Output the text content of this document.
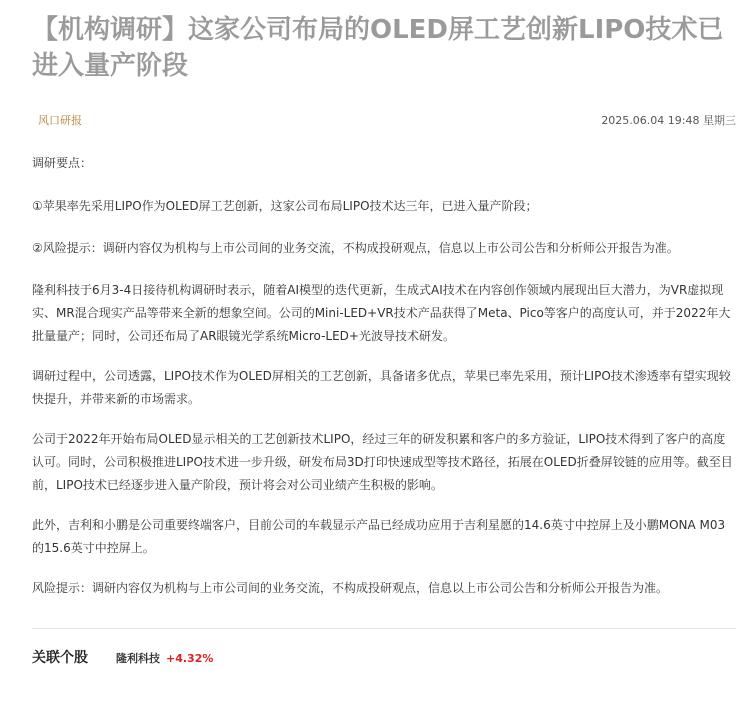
【机构调研】这家公司布局的OLED屏工艺创新LIPO技术已进入量产阶段
风口研报	2025.06.04 19:48 星期三

调研要点：

①苹果率先采用LIPO作为OLED屏工艺创新，这家公司布局LIPO技术达三年，已进入量产阶段；

②风险提示：调研内容仅为机构与上市公司间的业务交流，不构成投研观点，信息以上市公司公告和分析师公开报告为准。

隆利科技于6月3-4日接待机构调研时表示，随着AI模型的迭代更新，生成式AI技术在内容创作领域内展现出巨大潜力，为VR虚拟现实、MR混合现实产品等带来全新的想象空间。公司的Mini-LED+VR技术产品获得了Meta、Pico等客户的高度认可，并于2022年大批量量产；同时，公司还布局了AR眼镜光学系统Micro-LED+光波导技术研发。

调研过程中，公司透露，LIPO技术作为OLED屏相关的工艺创新，具备诸多优点，苹果已率先采用，预计LIPO技术渗透率有望实现较快提升，并带来新的市场需求。

公司于2022年开始布局OLED显示相关的工艺创新技术LIPO，经过三年的研发积累和客户的多方验证，LIPO技术得到了客户的高度认可。同时，公司积极推进LIPO技术进一步升级，研发布局3D打印快速成型等技术路径，拓展在OLED折叠屏铰链的应用等。截至目前，LIPO技术已经逐步进入量产阶段，预计将会对公司业绩产生积极的影响。

此外，吉利和小鹏是公司重要终端客户，目前公司的车载显示产品已经成功应用于吉利星愿的14.6英寸中控屏上及小鹏MONA M03的15.6英寸中控屏上。

风险提示：调研内容仅为机构与上市公司间的业务交流，不构成投研观点，信息以上市公司公告和分析师公开报告为准。

关联个股	隆利科技 +4.32%
